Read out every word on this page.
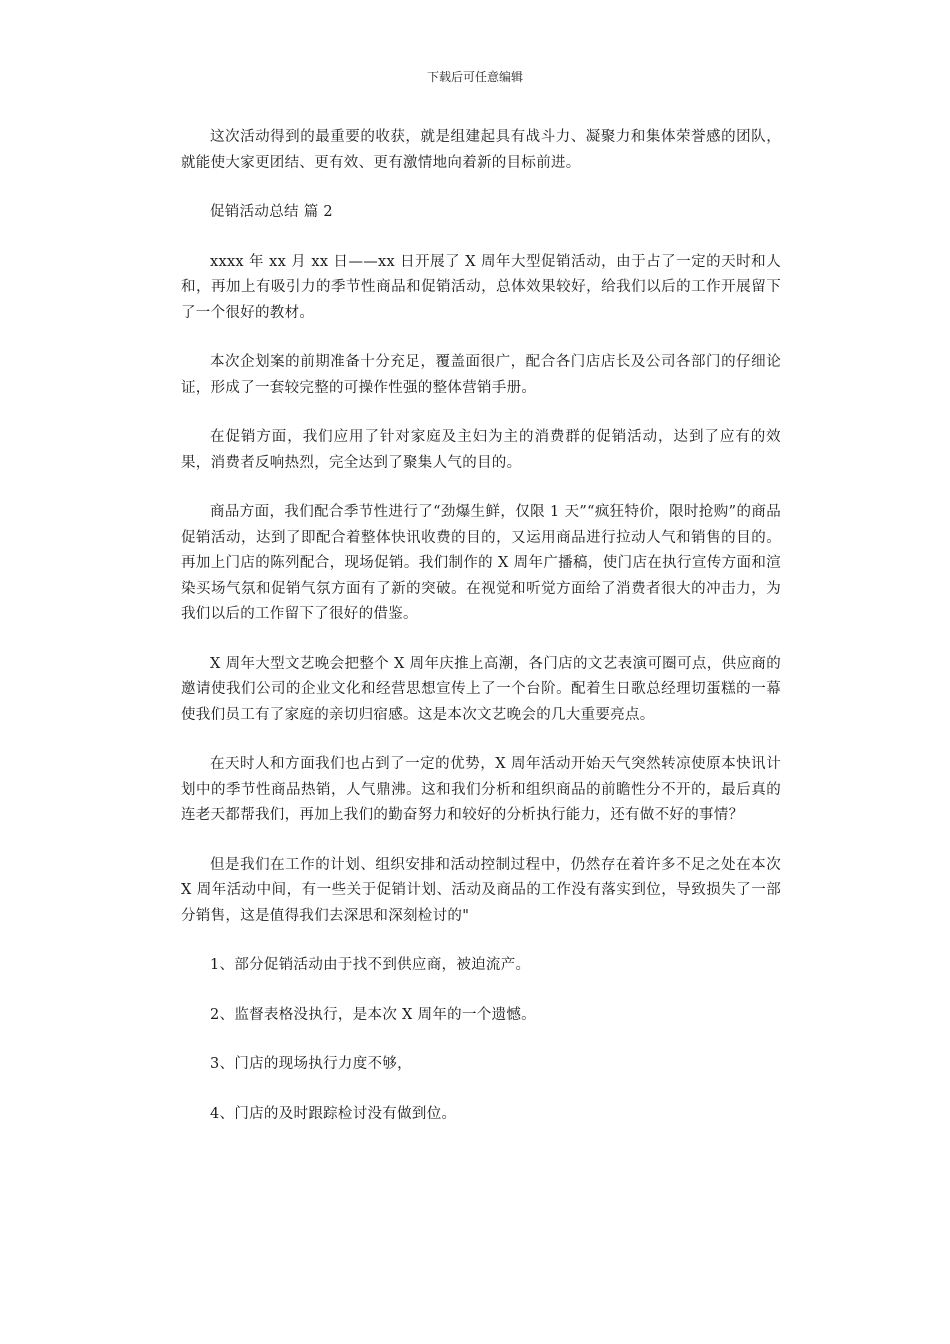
下载后可任意编辑

这次活动得到的最重要的收获，就是组建起具有战斗力、凝聚力和集体荣誉感的团队，就能使大家更团结、更有效、更有激情地向着新的目标前进。

促销活动总结 篇 2

xxxx 年 xx 月 xx 日——xx 日开展了 X 周年大型促销活动，由于占了一定的天时和人和，再加上有吸引力的季节性商品和促销活动，总体效果较好，给我们以后的工作开展留下了一个很好的教材。

本次企划案的前期准备十分充足，覆盖面很广，配合各门店店长及公司各部门的仔细论证，形成了一套较完整的可操作性强的整体营销手册。

在促销方面，我们应用了针对家庭及主妇为主的消费群的促销活动，达到了应有的效果，消费者反响热烈，完全达到了聚集人气的目的。

商品方面，我们配合季节性进行了“劲爆生鲜，仅限 1 天”“疯狂特价，限时抢购”的商品促销活动，达到了即配合着整体快讯收费的目的，又运用商品进行拉动人气和销售的目的。再加上门店的陈列配合，现场促销。我们制作的 X 周年广播稿，使门店在执行宣传方面和渲染买场气氛和促销气氛方面有了新的突破。在视觉和听觉方面给了消费者很大的冲击力，为我们以后的工作留下了很好的借鉴。

X 周年大型文艺晚会把整个 X 周年庆推上高潮，各门店的文艺表演可圈可点，供应商的邀请使我们公司的企业文化和经营思想宣传上了一个台阶。配着生日歌总经理切蛋糕的一幕使我们员工有了家庭的亲切归宿感。这是本次文艺晚会的几大重要亮点。

在天时人和方面我们也占到了一定的优势，X 周年活动开始天气突然转凉使原本快讯计划中的季节性商品热销，人气鼎沸。这和我们分析和组织商品的前瞻性分不开的，最后真的连老天都帮我们，再加上我们的勤奋努力和较好的分析执行能力，还有做不好的事情？

但是我们在工作的计划、组织安排和活动控制过程中，仍然存在着许多不足之处在本次 X 周年活动中间，有一些关于促销计划、活动及商品的工作没有落实到位，导致损失了一部分销售，这是值得我们去深思和深刻检讨的"

1、部分促销活动由于找不到供应商，被迫流产。

2、监督表格没执行，是本次 X 周年的一个遗憾。

3、门店的现场执行力度不够，

4、门店的及时跟踪检讨没有做到位。
